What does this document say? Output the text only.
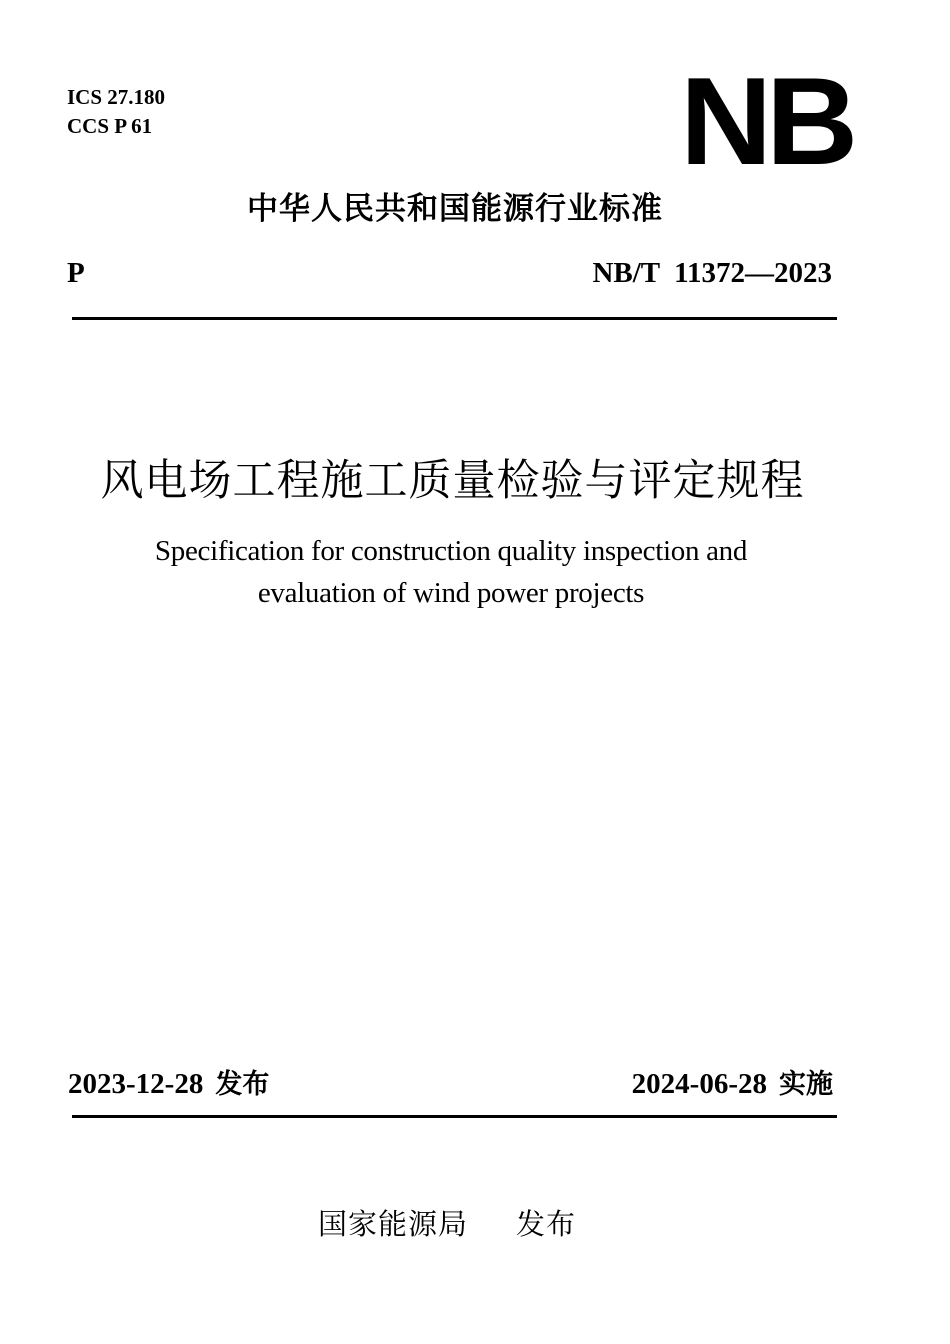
ICS 27.180
CCS P 61	NB
中华人民共和国能源行业标准
P	NB/T  11372—2023
风电场工程施工质量检验与评定规程
Specification for construction quality inspection and
evaluation of wind power projects
2023-12-28 发布	2024-06-28 实施
国家能源局 发布
